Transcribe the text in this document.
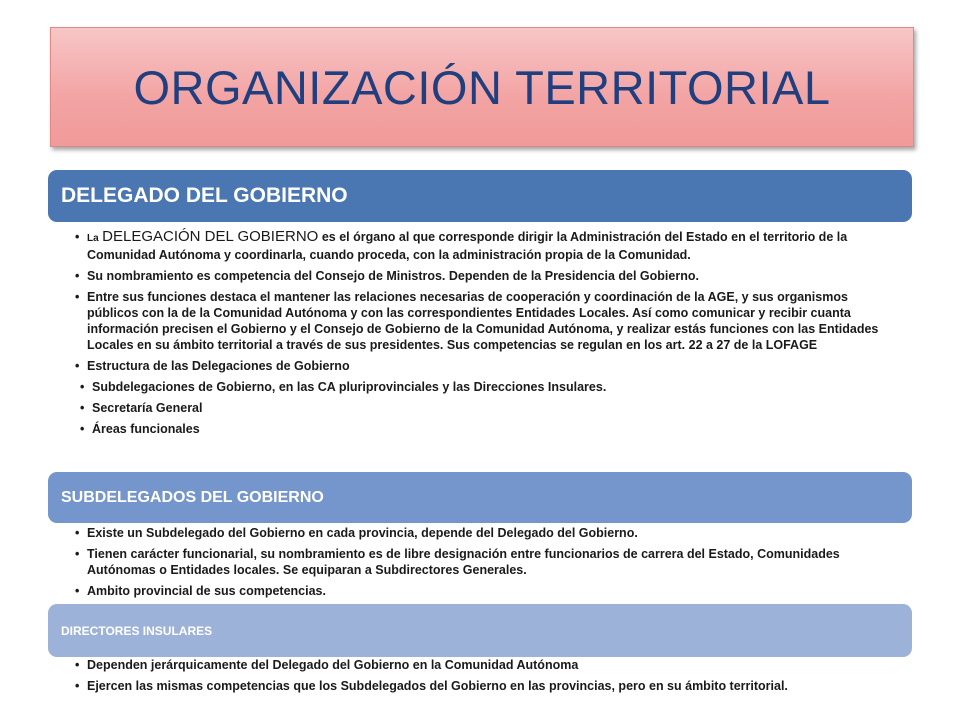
ORGANIZACIÓN TERRITORIAL
DELEGADO DEL GOBIERNO
• La DELEGACIÓN DEL GOBIERNO es el órgano al que corresponde dirigir la Administración del Estado en el territorio de la Comunidad Autónoma y coordinarla, cuando proceda, con la administración propia de la Comunidad.
• Su nombramiento es competencia del Consejo de Ministros. Dependen de la Presidencia del Gobierno.
• Entre sus funciones destaca el mantener las relaciones necesarias de cooperación y coordinación de la AGE, y sus organismos públicos con la de la Comunidad Autónoma y con las correspondientes Entidades Locales. Así como comunicar y recibir cuanta información precisen el Gobierno y el Consejo de Gobierno de la Comunidad Autónoma, y realizar estás funciones con las Entidades Locales en su ámbito territorial a través de sus presidentes. Sus competencias se regulan en los art. 22 a 27 de la LOFAGE
• Estructura de las Delegaciones de Gobierno
• Subdelegaciones de Gobierno, en las CA pluriprovinciales y las Direcciones Insulares.
• Secretaría General
• Áreas funcionales
SUBDELEGADOS DEL GOBIERNO
• Existe un Subdelegado del Gobierno en cada provincia, depende del Delegado del Gobierno.
• Tienen carácter funcionarial, su nombramiento es de libre designación entre funcionarios de carrera del Estado, Comunidades Autónomas o Entidades locales. Se equiparan a Subdirectores Generales.
• Ambito provincial de sus competencias.
DIRECTORES INSULARES
• Dependen jerárquicamente del Delegado del Gobierno en la Comunidad Autónoma
• Ejercen las mismas competencias que los Subdelegados del Gobierno en las provincias, pero en su ámbito territorial.
